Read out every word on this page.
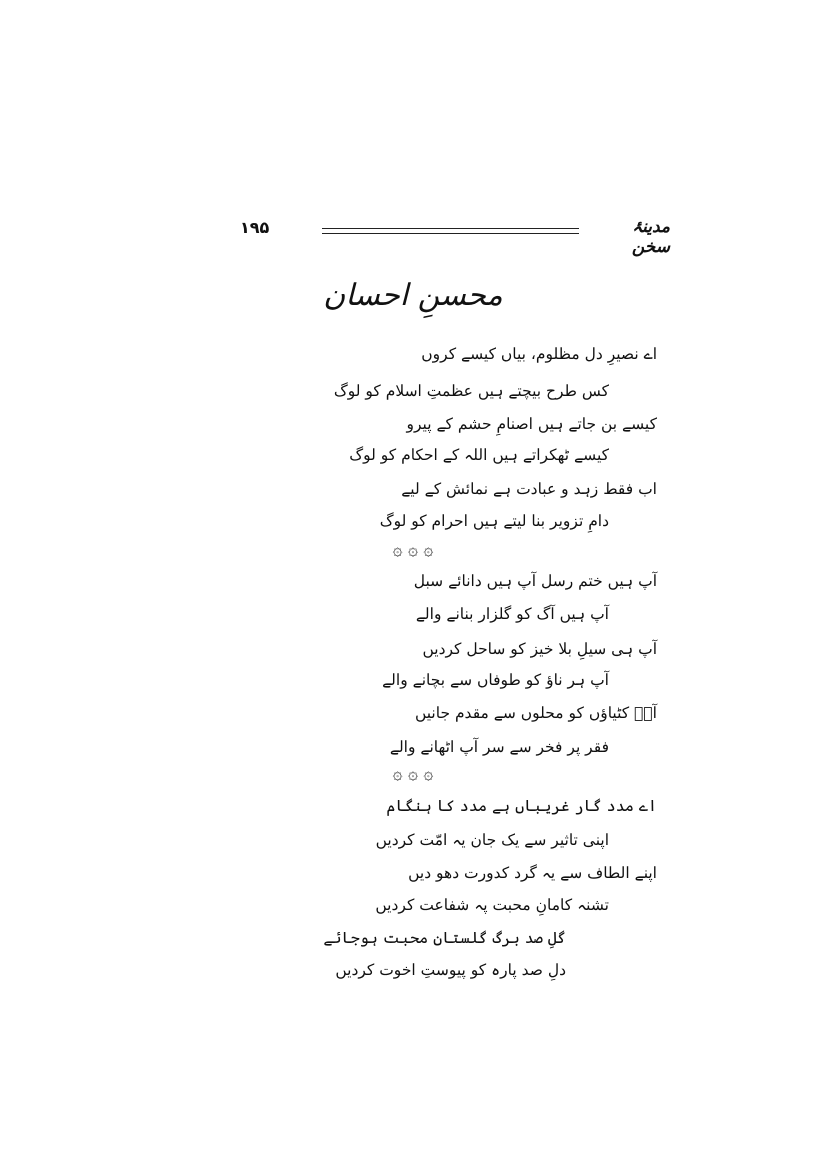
۱۹۵	مدینۂ سخن
محسنِ احسان
اے نصیرِ دل مظلوم، بیاں کیسے کروں
کس طرح بیچتے ہیں عظمتِ اسلام کو لوگ
کیسے بن جاتے ہیں اصنامِ حشم کے پیرو
کیسے ٹھکراتے ہیں اللہ کے احکام کو لوگ
اب فقط زہد و عبادت ہے نمائش کے لیے
دامِ تزویر بنا لیتے ہیں احرام کو لوگ
۞ ۞ ۞
آپ ہیں ختم رسل آپ ہیں دانائے سبل
آپ ہیں آگ کو گلزار بنانے والے
آپ ہی سیلِ بلا خیز کو ساحل کردیں
آپ ہر ناؤ کو طوفاں سے بچانے والے
آپؐ کٹیاؤں کو محلوں سے مقدم جانیں
فقر پر فخر سے سر آپ اٹھانے والے
۞ ۞ ۞
اے مدد گار غریباں ہے مدد کا ہنگام
اپنی تاثیر سے یک جان یہ امّت کردیں
اپنے الطاف سے یہ گرد کدورت دھو دیں
تشنہ کامانِ محبت پہ شفاعت کردیں
گلِ صد برگ گلستانِ محبت ہوجائے
دلِ صد پارہ کو پیوستِ اخوت کردیں
